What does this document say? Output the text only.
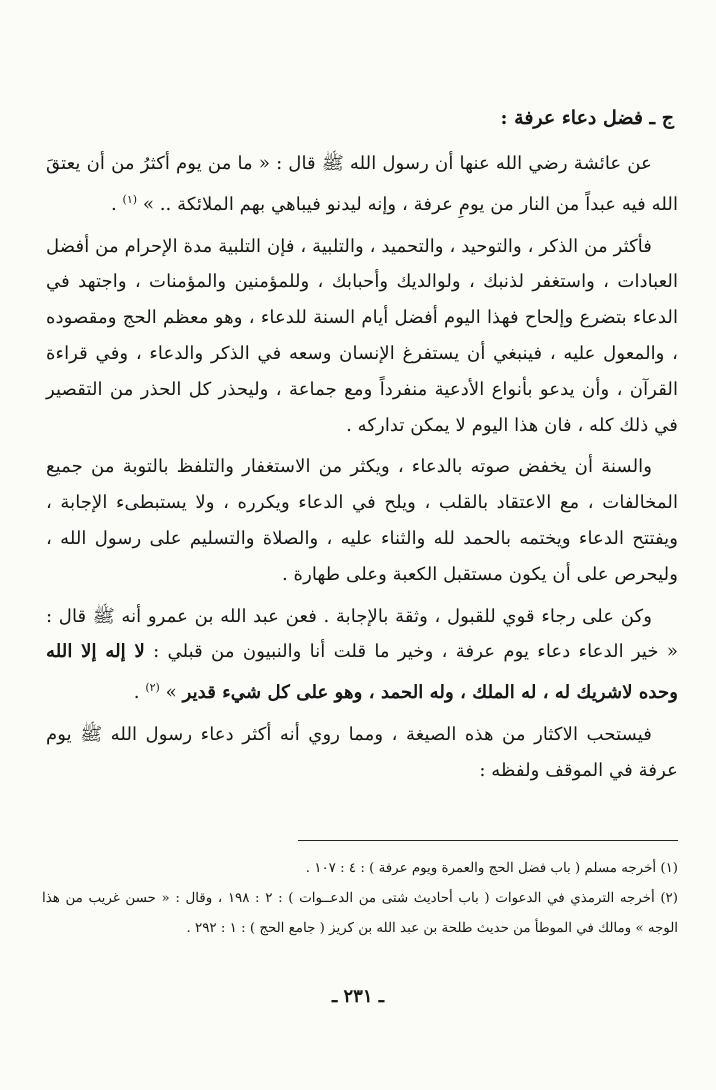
ج ـ فضل دعاء عرفة :

عن عائشة رضي الله عنها أن رسول الله ﷺ قال : « ما من يوم أكثرُ من أن يعتقَ الله فيه عبداً من النار من يومِ عرفة ، وإنه ليدنو فيباهي بهم الملائكة .. » $^{(١)}$ .

فأكثر من الذكر ، والتوحيد ، والتحميد ، والتلبية ، فإن التلبية مدة الإحرام من أفضل العبادات ، واستغفر لذنبك ، ولوالديك وأحبابك ، وللمؤمنين والمؤمنات ، واجتهد في الدعاء بتضرع وإلحاح فهذا اليوم أفضل أيام السنة للدعاء ، وهو معظم الحج ومقصوده ، والمعول عليه ، فينبغي أن يستفرغ الإنسان وسعه في الذكر والدعاء ، وفي قراءة القرآن ، وأن يدعو بأنواع الأدعية منفرداً ومع جماعة ، وليحذر كل الحذر من التقصير في ذلك كله ، فان هذا اليوم لا يمكن تداركه .

والسنة أن يخفض صوته بالدعاء ، ويكثر من الاستغفار والتلفظ بالتوبة من جميع المخالفات ، مع الاعتقاد بالقلب ، ويلح في الدعاء ويكرره ، ولا يستبطىء الإجابة ، ويفتتح الدعاء ويختمه بالحمد لله والثناء عليه ، والصلاة والتسليم على رسول الله ، وليحرص على أن يكون مستقبل الكعبة وعلى طهارة .

وكن على رجاء قوي للقبول ، وثقة بالإجابة . فعن عبد الله بن عمرو أنه ﷺ قال : « خير الدعاء دعاء يوم عرفة ، وخير ما قلت أنا والنبيون من قبلي : لا إله إلا الله وحده لاشريك له ، له الملك ، وله الحمد ، وهو على كل شيء قدير » $^{(٢)}$ .

فيستحب الاكثار من هذه الصيغة ، ومما روي أنه أكثر دعاء رسول الله ﷺ يوم عرفة في الموقف ولفظه :

(١) أخرجه مسلم ( باب فضل الحج والعمرة ويوم عرفة ) : ٤ : ١٠٧ .

(٢) أخرجه الترمذي في الدعوات ( باب أحاديث شتى من الدعــوات ) : ٢ : ١٩٨ ، وقال : « حسن غريب من هذا الوجه » ومالك في الموطأ من حديث طلحة بن عبد الله بن كريز ( جامع الحج ) : ١ : ٢٩٢ .

ـ ٢٣١ ـ
